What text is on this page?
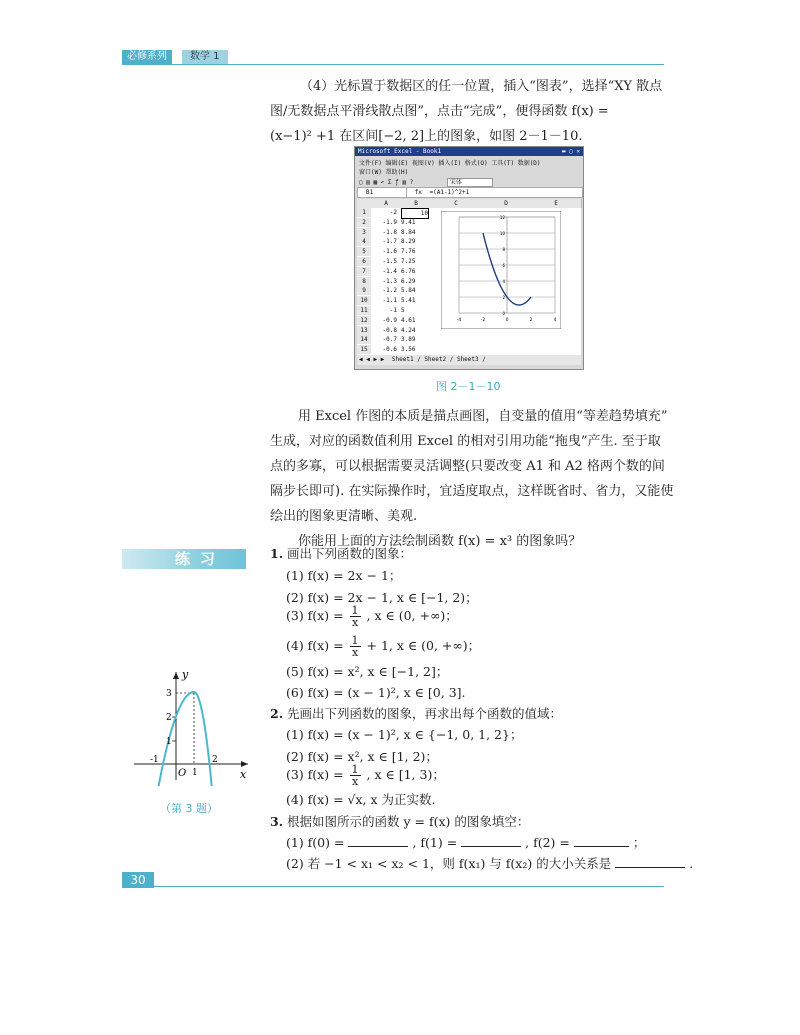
必修系列	数学 1
（4）光标置于数据区的任一位置，插入“图表”，选择“XY 散点
图/无数据点平滑线散点图”，点击“完成”，便得函数 f(x) =
(x−1)² +1 在区间[−2, 2]上的图象，如图 2－1－10.
Microsoft Excel - Book1	▬ ▢ ✕
文件(F) 编辑(E) 视图(V) 插入(I) 格式(O) 工具(T) 数据(D)
窗口(W) 帮助(H)
▢ ▤ ▦ ↶ Σ ƒ ▥ ?	宋体
B1	fx =(A1-1)^2+1
A	B	C	D	E
1	-2	10
2	-1.9 9.41
3	-1.8 8.84
4	-1.7 8.29
5	-1.6 7.76
6	-1.5 7.25
7	-1.4 6.76
8	-1.3 6.29
9	-1.2 5.84
10	-1.1 5.41
11	-1 5
12	-0.9 4.61
13	-0.8 4.24
14	-0.7 3.89
15	-0.6 3.56
12
10
8
6
4
2
0
-4	-2	0	2	4
◀ ◀ ▶ ▶ Sheet1 / Sheet2 / Sheet3 /
图 2－1－10
用 Excel 作图的本质是描点画图，自变量的值用“等差趋势填充”
生成，对应的函数值利用 Excel 的相对引用功能“拖曳”产生. 至于取
点的多寡，可以根据需要灵活调整(只要改变 A1 和 A2 格两个数的间
隔步长即可). 在实际操作时，宜适度取点，这样既省时、省力，又能使
绘出的图象更清晰、美观.
你能用上面的方法绘制函数 f(x) = x³ 的图象吗？
练习	1. 画出下列函数的图象：
(1) f(x) = 2x − 1；
(2) f(x) = 2x − 1, x ∈ [−1, 2)；
(3) $f(x) = \frac{1}{x}$ , x ∈ (0, +∞)；
(4) $f(x) = \frac{1}{x} + 1$, x ∈ (0, +∞)；
(5) f(x) = x², x ∈ [−1, 2]；
(6) f(x) = (x − 1)², x ∈ [0, 3].
2. 先画出下列函数的图象，再求出每个函数的值域：
(1) f(x) = (x − 1)², x ∈ {−1, 0, 1, 2}；
(2) f(x) = x², x ∈ [1, 2)；
(3) $f(x) = \frac{1}{x}$ , x ∈ [1, 3)；
(4) f(x) = √x, x 为正实数.
3. 根据如图所示的函数 y = f(x) 的图象填空：
(1) f(0) =	, f(1) =	, f(2) =	；
(2) 若 −1 < x₁ < x₂ < 1，则 f(x₁) 与 f(x₂) 的大小关系是	.
y
x
O
-1
1
2
3
2
1
（第 3 题）
30
